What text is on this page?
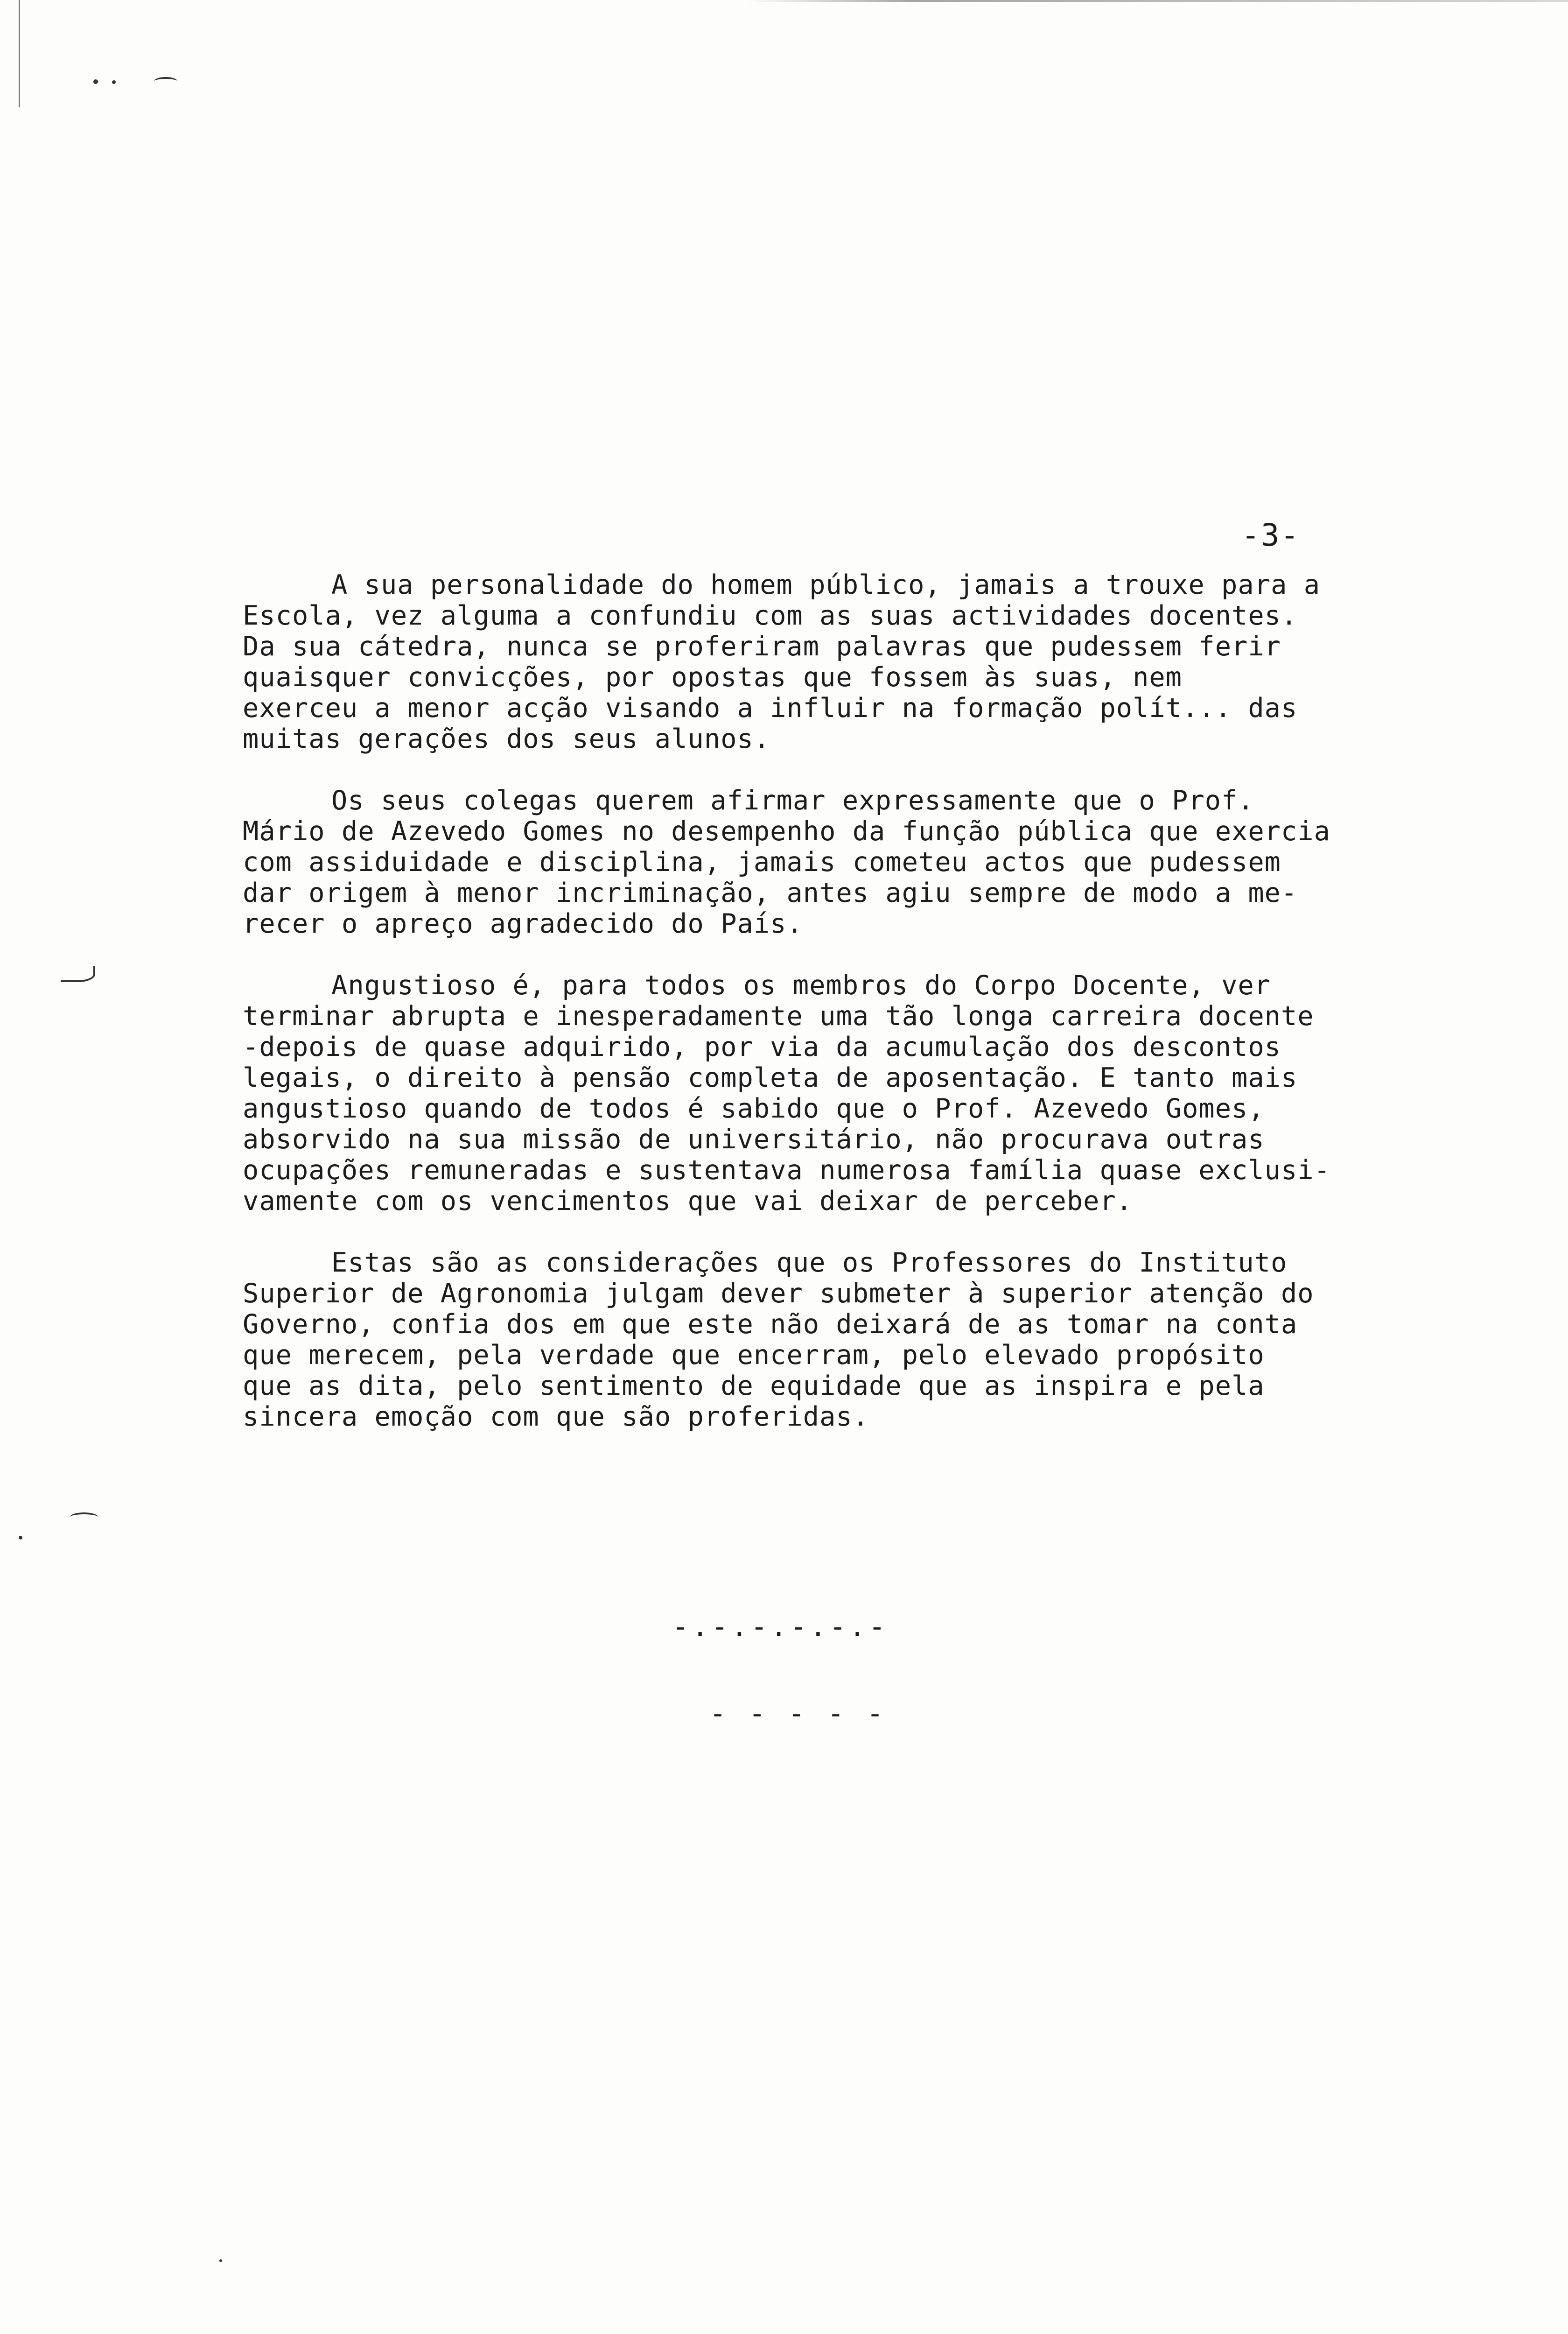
-3-
A sua personalidade do homem público, jamais a trouxe para a
Escola, vez alguma a confundiu com as suas actividades docentes.
Da sua cátedra, nunca se proferiram palavras que pudessem ferir
quaisquer convicções, por opostas que fossem às suas, nem
exerceu a menor acção visando a influir na formação polít... das
muitas gerações dos seus alunos.
Os seus colegas querem afirmar expressamente que o Prof.
Mário de Azevedo Gomes no desempenho da função pública que exercia
com assiduidade e disciplina, jamais cometeu actos que pudessem
dar origem à menor incriminação, antes agiu sempre de modo a me-
recer o apreço agradecido do País.
Angustioso é, para todos os membros do Corpo Docente, ver
terminar abrupta e inesperadamente uma tão longa carreira docente
-depois de quase adquirido, por via da acumulação dos descontos
legais, o direito à pensão completa de aposentação. E tanto mais
angustioso quando de todos é sabido que o Prof. Azevedo Gomes,
absorvido na sua missão de universitário, não procurava outras
ocupações remuneradas e sustentava numerosa família quase exclusi-
vamente com os vencimentos que vai deixar de perceber.
Estas são as considerações que os Professores do Instituto
Superior de Agronomia julgam dever submeter à superior atenção do
Governo, confia dos em que este não deixará de as tomar na conta
que merecem, pela verdade que encerram, pelo elevado propósito
que as dita, pelo sentimento de equidade que as inspira e pela
sincera emoção com que são proferidas.

-.-.-.-.-.-

- - - - -
